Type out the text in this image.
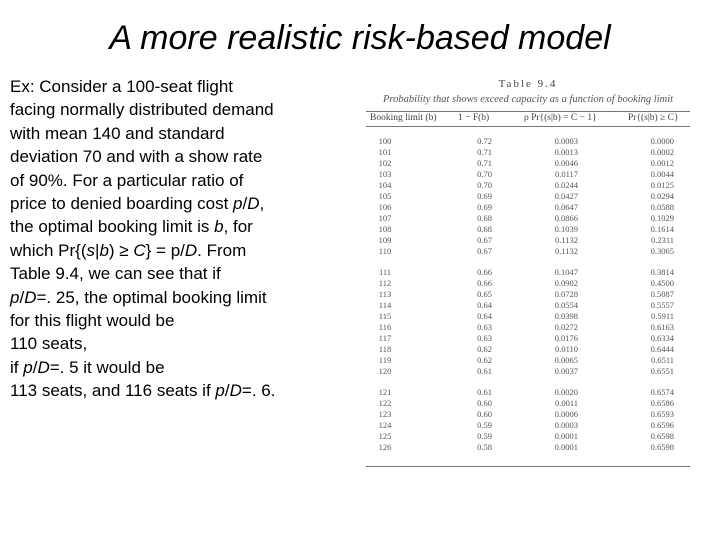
A more realistic risk-based model
Ex: Consider a 100-seat flight
facing normally distributed demand
with mean 140 and standard
deviation 70 and with a show rate
of 90%. For a particular ratio of
price to denied boarding cost p/D,
the optimal booking limit is b, for
which Pr{(s|b) ≥ C} = p/D. From
Table 9.4, we can see that if
p/D=. 25, the optimal booking limit
for this flight would be
110 seats,
if p/D=. 5 it would be
113 seats, and 116 seats if p/D=. 6.
Table 9.4
Probability that shows exceed capacity as a function of booking limit
Booking limit (b) 1 − F(b)	ρ Pr{(s|b) = C − 1}	Pr{(s|b) ≥ C}
100	0.72	0.0003	0.0000
101	0.71	0.0013	0.0002
102	0.71	0.0046	0.0012
103	0.70	0.0117	0.0044
104	0.70	0.0244	0.0125
105	0.69	0.0427	0.0294
106	0.69	0.0647	0.0588
107	0.68	0.0866	0.1029
108	0.68	0.1039	0.1614
109	0.67	0.1132	0.2311
110	0.67	0.1132	0.3065
111	0.66	0.1047	0.3814
112	0.66	0.0902	0.4500
113	0.65	0.0728	0.5087
114	0.64	0.0554	0.5557
115	0.64	0.0398	0.5911
116	0.63	0.0272	0.6163
117	0.63	0.0176	0.6334
118	0.62	0.0110	0.6444
119	0.62	0.0065	0.6511
120	0.61	0.0037	0.6551
121	0.61	0.0020	0.6574
122	0.60	0.0011	0.6586
123	0.60	0.0006	0.6593
124	0.59	0.0003	0.6596
125	0.59	0.0001	0.6598
126	0.58	0.0001	0.6598
